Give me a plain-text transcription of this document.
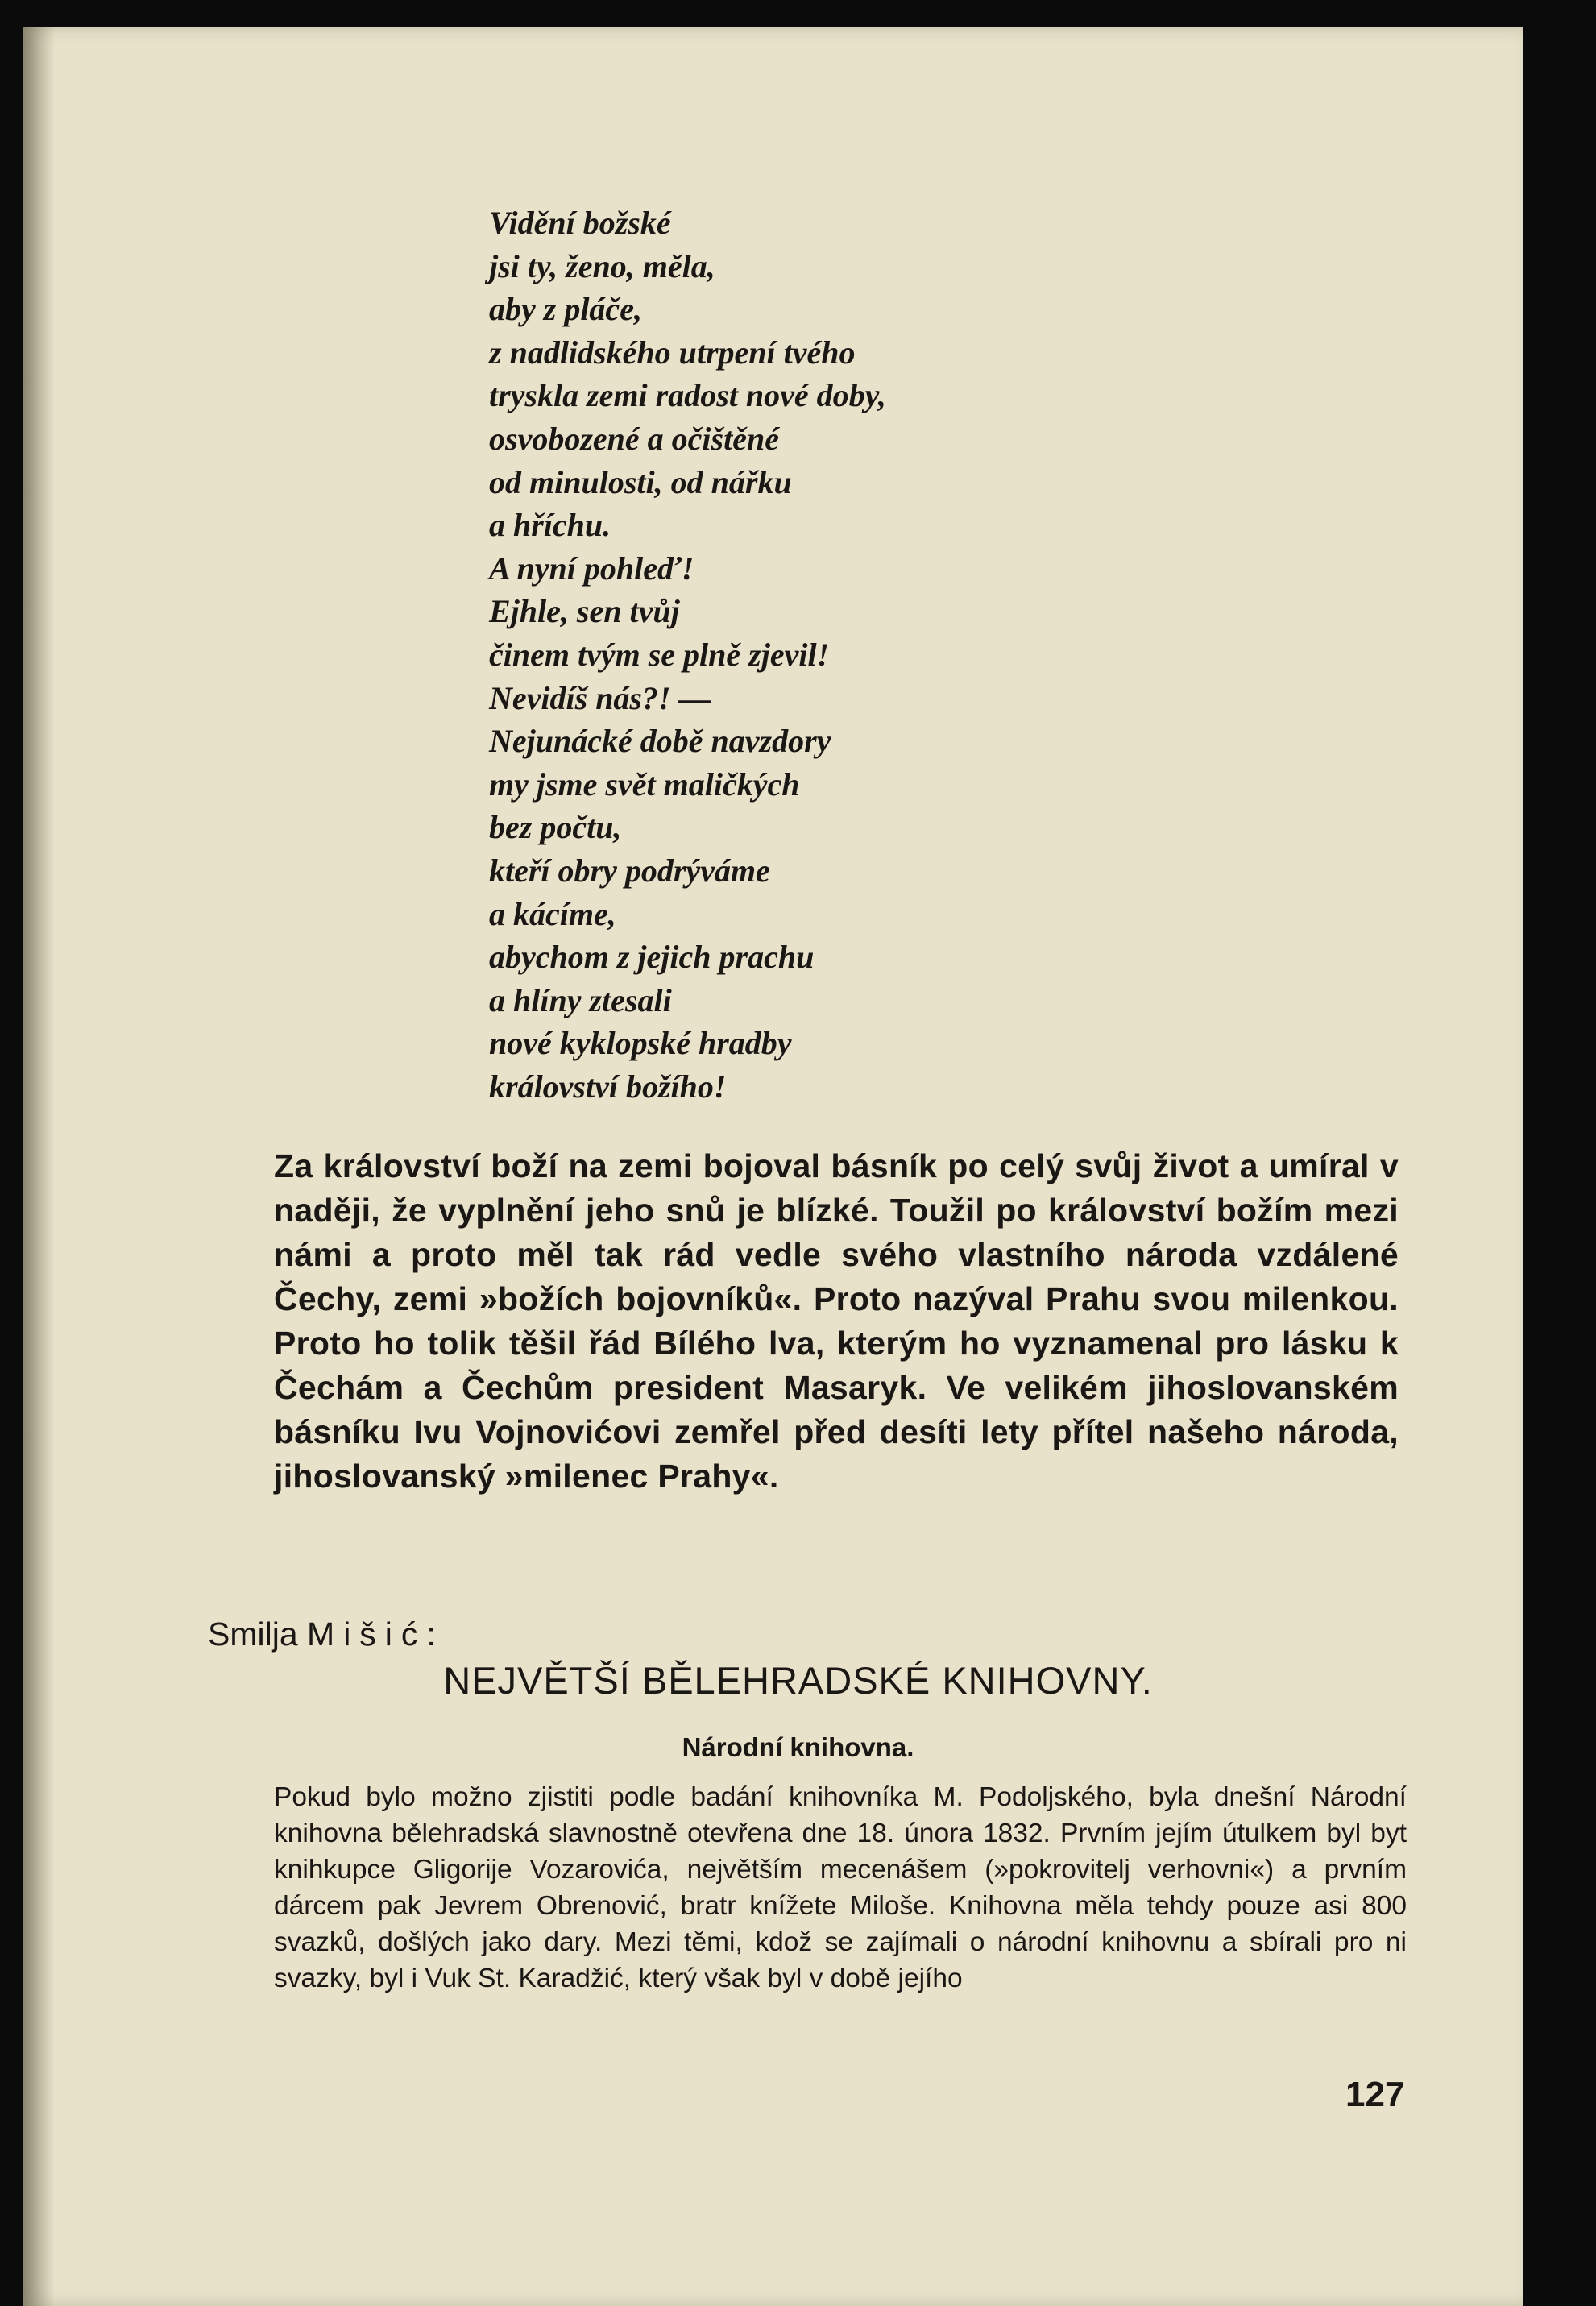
Vidění božské
jsi ty, ženo, měla,
aby z pláče,
z nadlidského utrpení tvého
tryskla zemi radost nové doby,
osvobozené a očištěné
od minulosti, od nářku
a hříchu.
A nyní pohleď!
Ejhle, sen tvůj
činem tvým se plně zjevil!
Nevidíš nás?! —
Nejunácké době navzdory
my jsme svět maličkých
bez počtu,
kteří obry podrýváme
a kácíme,
abychom z jejich prachu
a hlíny ztesali
nové kyklopské hradby
království božího!

Za království boží na zemi bojoval básník po celý svůj život a umíral v naději, že vyplnění jeho snů je blízké. Toužil po království božím mezi námi a proto měl tak rád vedle svého vlastního národa vzdálené Čechy, zemi »božích bojovníků«. Proto nazýval Prahu svou milenkou. Proto ho tolik těšil řád Bílého lva, kterým ho vyznamenal pro lásku k Čechám a Čechům president Masaryk. Ve velikém jihoslovanském básníku Ivu Vojnovićovi zemřel před desíti lety přítel našeho národa, jihoslovanský »milenec Prahy«.

Smilja Mišić:

NEJVĚTŠÍ BĚLEHRADSKÉ KNIHOVNY.
Národní knihovna.

Pokud bylo možno zjistiti podle badání knihovníka M. Podoljského, byla dnešní Národní knihovna bělehradská slavnostně otevřena dne 18. února 1832. Prvním jejím útulkem byl byt knihkupce Gligorije Vozarovića, největším mecenášem (»pokrovitelj verhovni«) a prvním dárcem pak Jevrem Obrenović, bratr knížete Miloše. Knihovna měla tehdy pouze asi 800 svazků, došlých jako dary. Mezi těmi, kdož se zajímali o národní knihovnu a sbírali pro ni svazky, byl i Vuk St. Karadžić, který však byl v době jejího

127
